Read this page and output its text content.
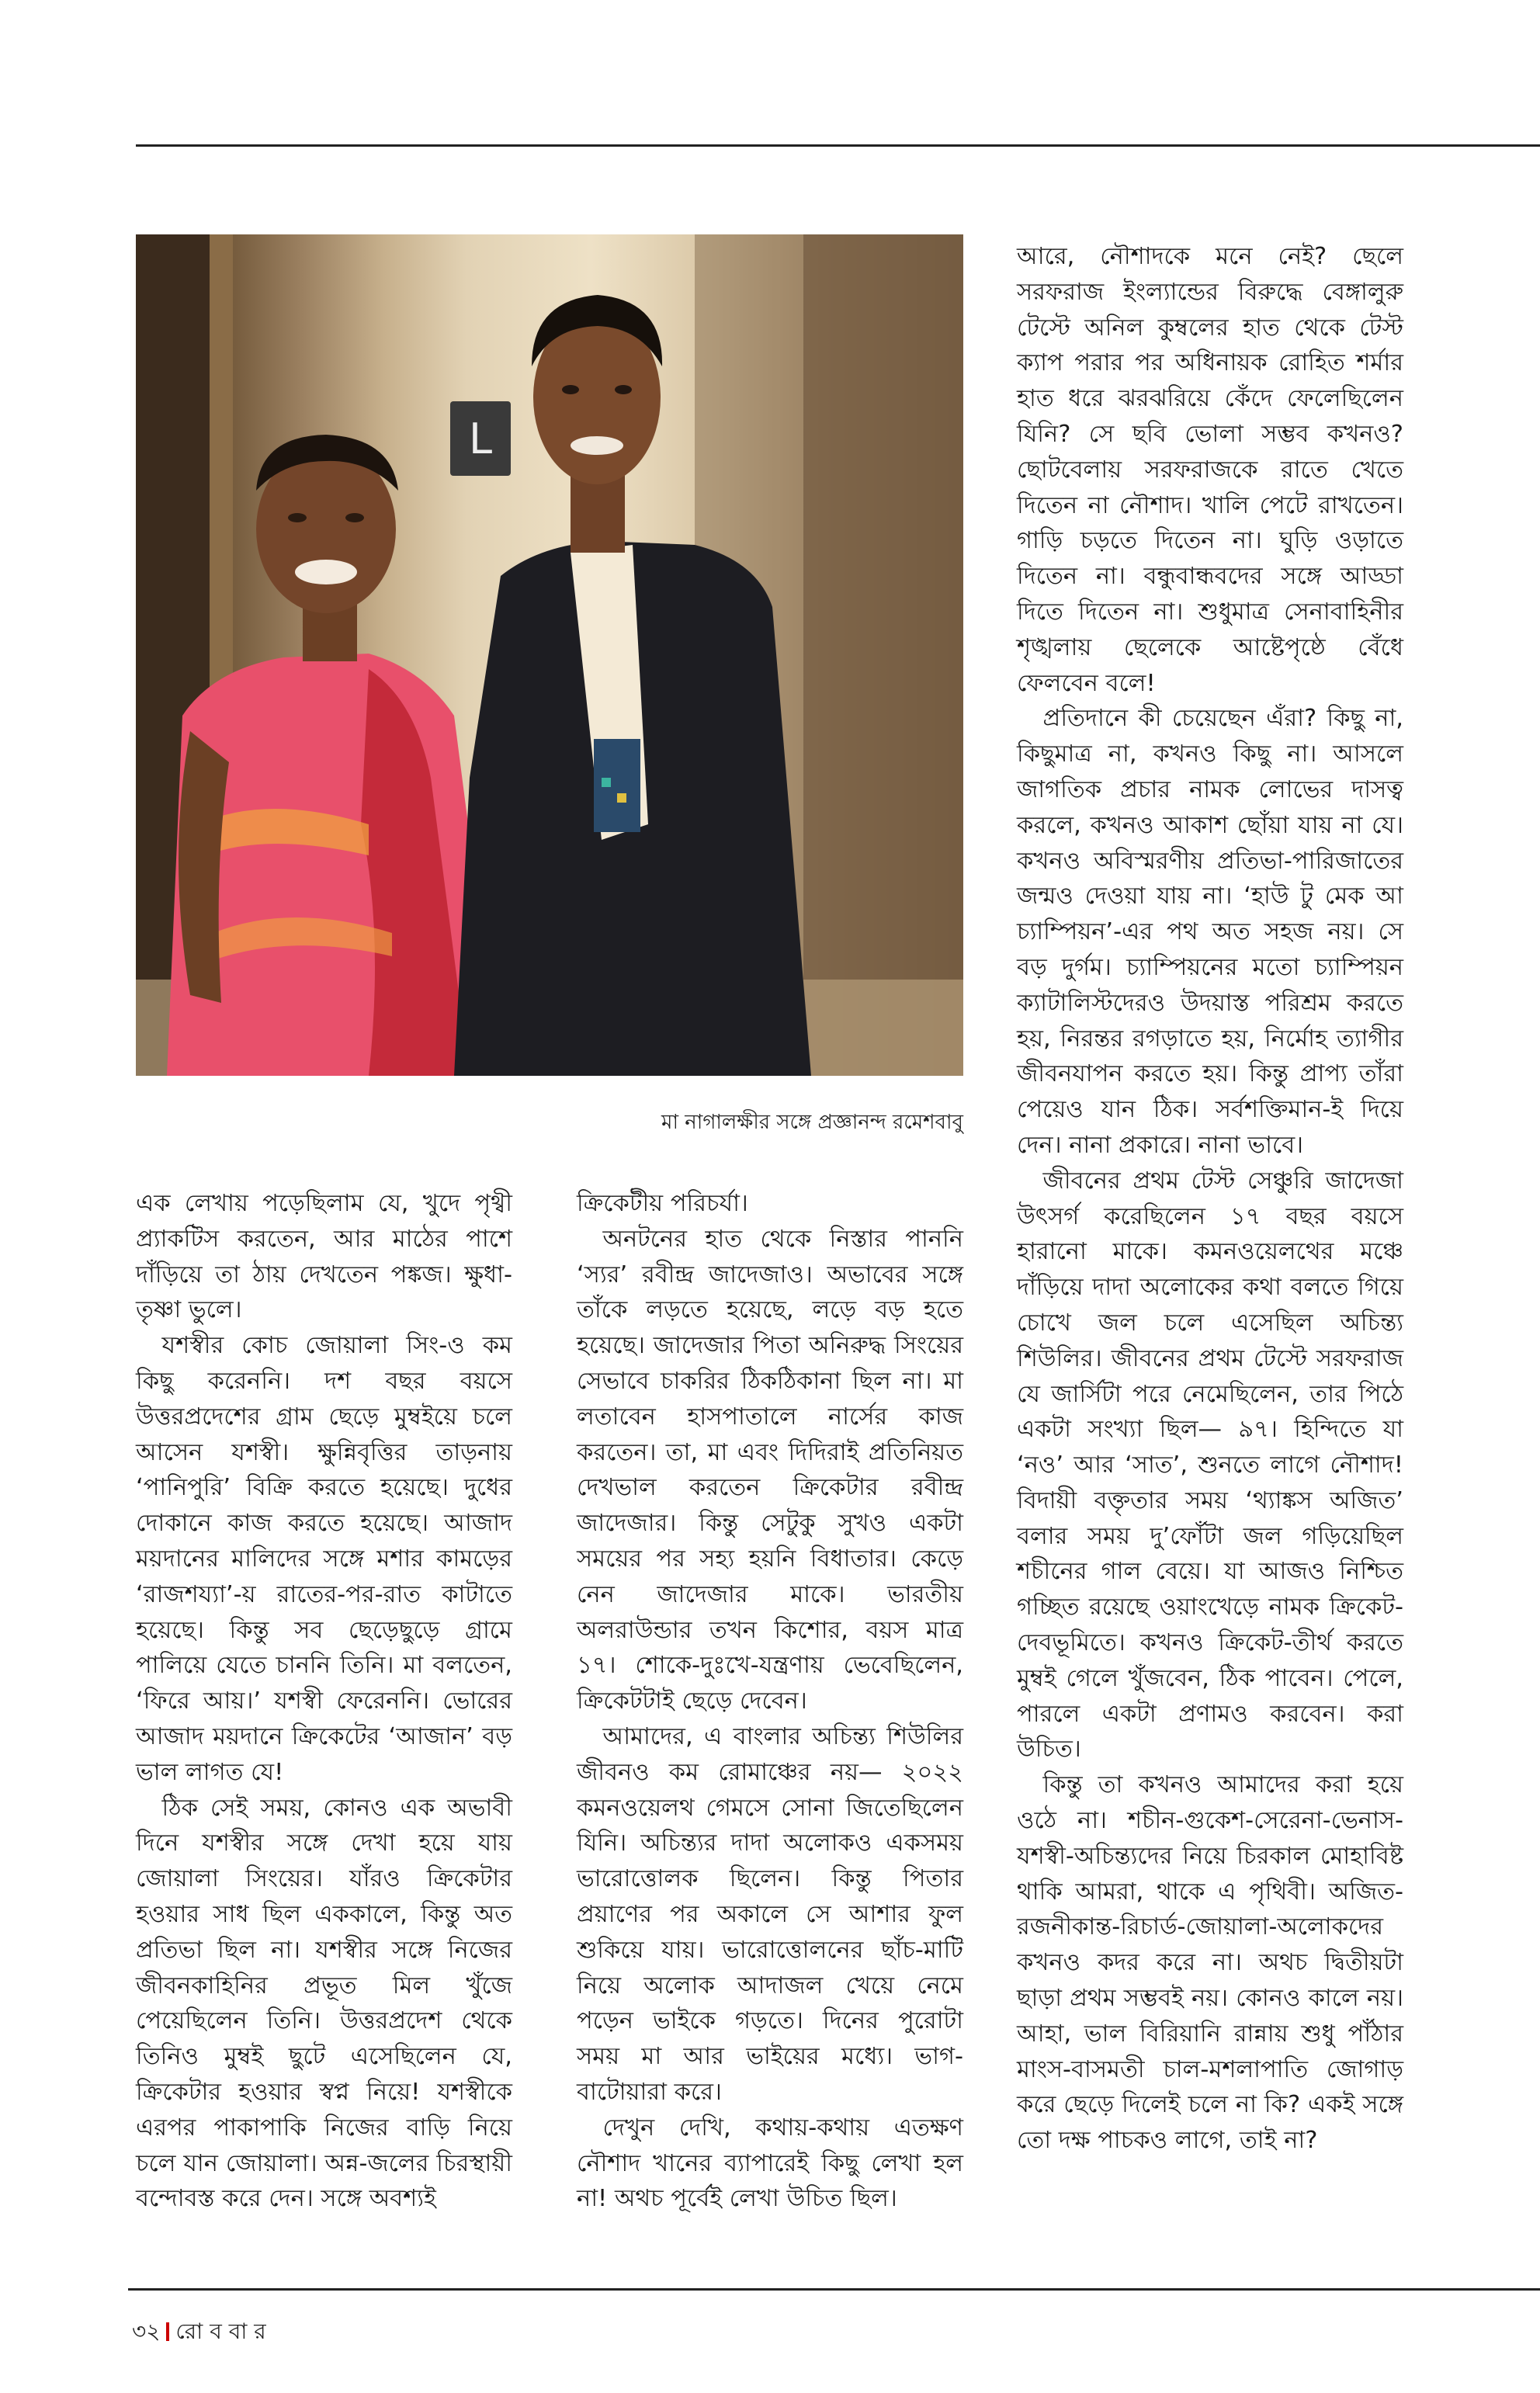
L
মা নাগালক্ষীর সঙ্গে প্রজ্ঞানন্দ রমেশবাবু

এক লেখায় পড়েছিলাম যে, খুদে পৃথ্বী প্র্যাকটিস করতেন, আর মাঠের পাশে দাঁড়িয়ে তা ঠায় দেখতেন পঙ্কজ। ক্ষুধা-তৃষ্ণা ভুলে।

যশস্বীর কোচ জোয়ালা সিং-ও কম কিছু করেননি। দশ বছর বয়সে উত্তরপ্রদেশের গ্রাম ছেড়ে মুম্বইয়ে চলে আসেন যশস্বী। ক্ষুন্নিবৃত্তির তাড়নায় ‘পানিপুরি’ বিক্রি করতে হয়েছে। দুধের দোকানে কাজ করতে হয়েছে। আজাদ ময়দানের মালিদের সঙ্গে মশার কামড়ের ‘রাজশয্যা’-য় রাতের-পর-রাত কাটাতে হয়েছে। কিন্তু সব ছেড়েছুড়ে গ্রামে পালিয়ে যেতে চাননি তিনি। মা বলতেন, ‘ফিরে আয়।’ যশস্বী ফেরেননি। ভোরের আজাদ ময়দানে ক্রিকেটের ‘আজান’ বড় ভাল লাগত যে!

ঠিক সেই সময়, কোনও এক অভাবী দিনে যশস্বীর সঙ্গে দেখা হয়ে যায় জোয়ালা সিংয়ের। যাঁরও ক্রিকেটার হওয়ার সাধ ছিল এককালে, কিন্তু অত প্রতিভা ছিল না। যশস্বীর সঙ্গে নিজের জীবনকাহিনির প্রভূত মিল খুঁজে পেয়েছিলেন তিনি। উত্তরপ্রদেশ থেকে তিনিও মুম্বই ছুটে এসেছিলেন যে, ক্রিকেটার হওয়ার স্বপ্ন নিয়ে! যশস্বীকে এরপর পাকাপাকি নিজের বাড়ি নিয়ে চলে যান জোয়ালা। অন্ন-জলের চিরস্থায়ী বন্দোবস্ত করে দেন। সঙ্গে অবশ্যই

ক্রিকেটীয় পরিচর্যা।

অনটনের হাত থেকে নিস্তার পাননি ‘স্যর’ রবীন্দ্র জাদেজাও। অভাবের সঙ্গে তাঁকে লড়তে হয়েছে, লড়ে বড় হতে হয়েছে। জাদেজার পিতা অনিরুদ্ধ সিংয়ের সেভাবে চাকরির ঠিকঠিকানা ছিল না। মা লতাবেন হাসপাতালে নার্সের কাজ করতেন। তা, মা এবং দিদিরাই প্রতিনিয়ত দেখভাল করতেন ক্রিকেটার রবীন্দ্র জাদেজার। কিন্তু সেটুকু সুখও একটা সময়ের পর সহ্য হয়নি বিধাতার। কেড়ে নেন জাদেজার মাকে। ভারতীয় অলরাউন্ডার তখন কিশোর, বয়স মাত্র ১৭। শোকে-দুঃখে-যন্ত্রণায় ভেবেছিলেন, ক্রিকেটটাই ছেড়ে দেবেন।

আমাদের, এ বাংলার অচিন্ত্য শিউলির জীবনও কম রোমাঞ্চের নয়— ২০২২ কমনওয়েলথ গেমসে সোনা জিতেছিলেন যিনি। অচিন্ত্যর দাদা অলোকও একসময় ভারোত্তোলক ছিলেন। কিন্তু পিতার প্রয়াণের পর অকালে সে আশার ফুল শুকিয়ে যায়। ভারোত্তোলনের ছাঁচ-মাটি নিয়ে অলোক আদাজল খেয়ে নেমে পড়েন ভাইকে গড়তে। দিনের পুরোটা সময় মা আর ভাইয়ের মধ্যে। ভাগ-বাটোয়ারা করে।

দেখুন দেখি, কথায়-কথায় এতক্ষণ নৌশাদ খানের ব্যাপারেই কিছু লেখা হল না! অথচ পূর্বেই লেখা উচিত ছিল।

আরে, নৌশাদকে মনে নেই? ছেলে সরফরাজ ইংল্যান্ডের বিরুদ্ধে বেঙ্গালুরু টেস্টে অনিল কুম্বলের হাত থেকে টেস্ট ক্যাপ পরার পর অধিনায়ক রোহিত শর্মার হাত ধরে ঝরঝরিয়ে কেঁদে ফেলেছিলেন যিনি? সে ছবি ভোলা সম্ভব কখনও? ছোটবেলায় সরফরাজকে রাতে খেতে দিতেন না নৌশাদ। খালি পেটে রাখতেন। গাড়ি চড়তে দিতেন না। ঘুড়ি ওড়াতে দিতেন না। বন্ধুবান্ধবদের সঙ্গে আড্ডা দিতে দিতেন না। শুধুমাত্র সেনাবাহিনীর শৃঙ্খলায় ছেলেকে আষ্টেপৃষ্ঠে বেঁধে ফেলবেন বলে!

প্রতিদানে কী চেয়েছেন এঁরা? কিছু না, কিছুমাত্র না, কখনও কিছু না। আসলে জাগতিক প্রচার নামক লোভের দাসত্ব করলে, কখনও আকাশ ছোঁয়া যায় না যে। কখনও অবিস্মরণীয় প্রতিভা-পারিজাতের জন্মও দেওয়া যায় না। ‘হাউ টু মেক আ চ্যাম্পিয়ন’-এর পথ অত সহজ নয়। সে বড় দুর্গম। চ্যাম্পিয়নের মতো চ্যাম্পিয়ন ক্যাটালিস্টদেরও উদয়াস্ত পরিশ্রম করতে হয়, নিরন্তর রগড়াতে হয়, নির্মোহ ত্যাগীর জীবনযাপন করতে হয়। কিন্তু প্রাপ্য তাঁরা পেয়েও যান ঠিক। সর্বশক্তিমান-ই দিয়ে দেন। নানা প্রকারে। নানা ভাবে।

জীবনের প্রথম টেস্ট সেঞ্চুরি জাদেজা উৎসর্গ করেছিলেন ১৭ বছর বয়সে হারানো মাকে। কমনওয়েলথের মঞ্চে দাঁড়িয়ে দাদা অলোকের কথা বলতে গিয়ে চোখে জল চলে এসেছিল অচিন্ত্য শিউলির। জীবনের প্রথম টেস্টে সরফরাজ যে জার্সিটা পরে নেমেছিলেন, তার পিঠে একটা সংখ্যা ছিল— ৯৭। হিন্দিতে যা ‘নও’ আর ‘সাত’, শুনতে লাগে নৌশাদ! বিদায়ী বক্তৃতার সময় ‘থ্যাঙ্কস অজিত’ বলার সময় দু’ফোঁটা জল গড়িয়েছিল শচীনের গাল বেয়ে। যা আজও নিশ্চিত গচ্ছিত রয়েছে ওয়াংখেড়ে নামক ক্রিকেট-দেবভূমিতে। কখনও ক্রিকেট-তীর্থ করতে মুম্বই গেলে খুঁজবেন, ঠিক পাবেন। পেলে, পারলে একটা প্রণামও করবেন। করা উচিত।

কিন্তু তা কখনও আমাদের করা হয়ে ওঠে না। শচীন-গুকেশ-সেরেনা-ভেনাস-যশস্বী-অচিন্ত্যদের নিয়ে চিরকাল মোহাবিষ্ট থাকি আমরা, থাকে এ পৃথিবী। অজিত-রজনীকান্ত-রিচার্ড-জোয়ালা-অলোকদের কখনও কদর করে না। অথচ দ্বিতীয়টা ছাড়া প্রথম সম্ভবই নয়। কোনও কালে নয়। আহা, ভাল বিরিয়ানি রান্নায় শুধু পাঁঠার মাংস-বাসমতী চাল-মশলাপাতি জোগাড় করে ছেড়ে দিলেই চলে না কি? একই সঙ্গে তো দক্ষ পাচকও লাগে, তাই না?

৩২ রো ব বা র
